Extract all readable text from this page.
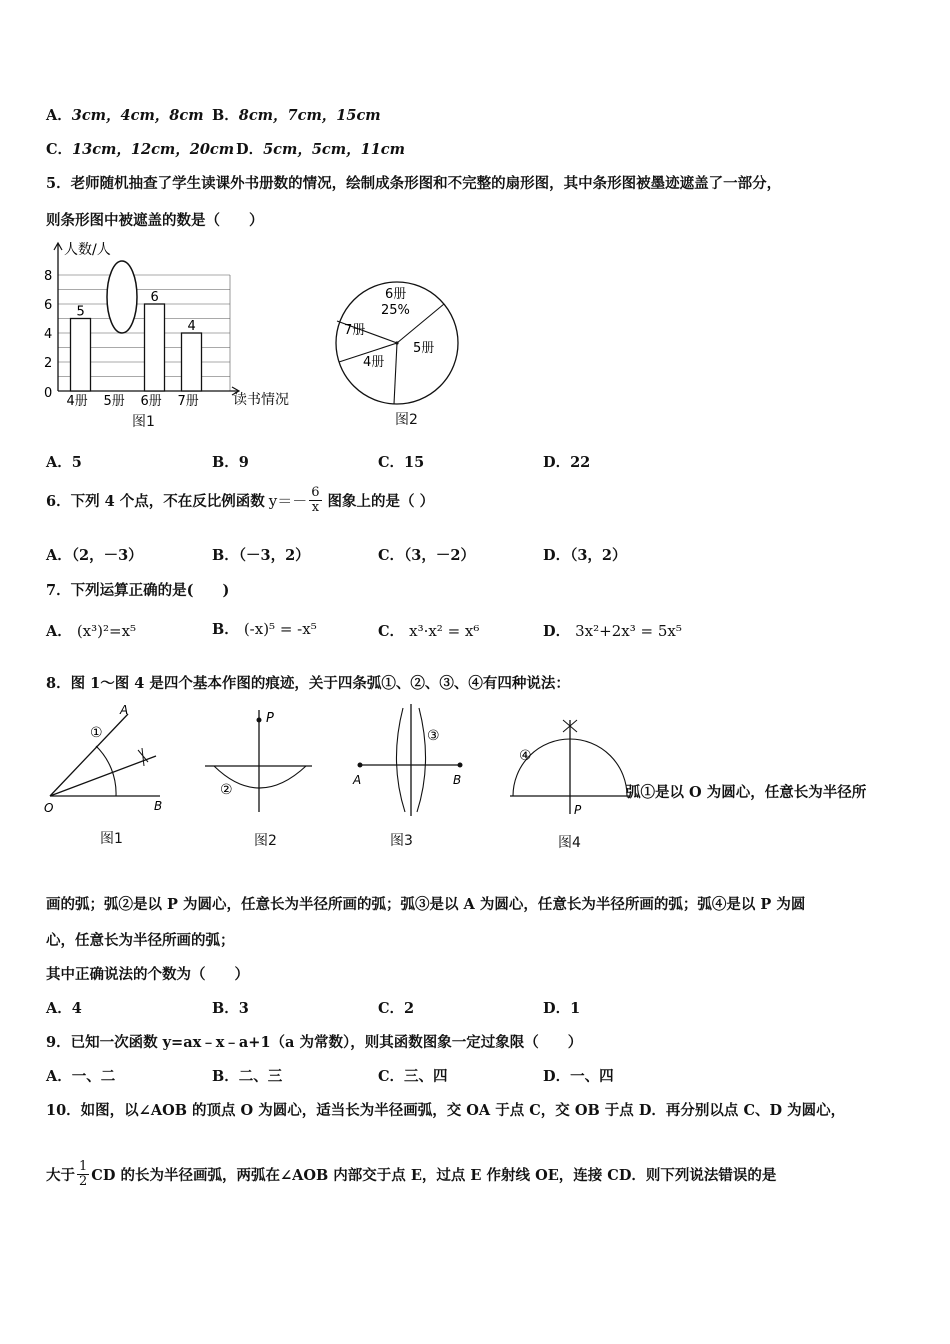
A．3cm，4cm，8cm B．8cm，7cm，15cm
C．13cm，12cm，20cm D．5cm，5cm，11cm
5．老师随机抽查了学生读课外书册数的情况，绘制成条形图和不完整的扇形图，其中条形图被墨迹遮盖了一部分，
则条形图中被遮盖的数是（　　）
0
2
4
6
8
4册
5
5册 6册
6
7册
4
人数/人
读书情况
图1
6册
25%
5册
4册
7册
图2
A．5	B．9	C．15	D．22
6．下列 4 个点，不在反比例函数 $y=- \frac{6}{x}$ 图象上的是（ ）
A．（2，－3）	B．（－3，2）	C．（3，－2）	D．（3，2）
7．下列运算正确的是(　　)
A． (x³)²=x⁵	B． (-x)⁵ = -x⁵	C． x³·x² = x⁶	D． 3x²+2x³ = 5x⁵
8．图 1～图 4 是四个基本作图的痕迹，关于四条弧①、②、③、④有四种说法：
①
A
O	B
图1
P
②
图2
③
A	B
图3
④
P
图4
弧①是以 O 为圆心，任意长为半径所
画的弧；弧②是以 P 为圆心，任意长为半径所画的弧；弧③是以 A 为圆心，任意长为半径所画的弧；弧④是以 P 为圆
心，任意长为半径所画的弧；
其中正确说法的个数为（　　）
A．4	B．3	C．2	D．1
9．已知一次函数 y=ax﹣x﹣a+1（a 为常数），则其函数图象一定过象限（　　）
A．一、二	B．二、三	C．三、四	D．一、四
10．如图，以∠AOB 的顶点 O 为圆心，适当长为半径画弧，交 OA 于点 C，交 OB 于点 D．再分别以点 C、D 为圆心，
大于 $\frac{1}{2}$ CD 的长为半径画弧，两弧在∠AOB 内部交于点 E，过点 E 作射线 OE，连接 CD．则下列说法错误的是
